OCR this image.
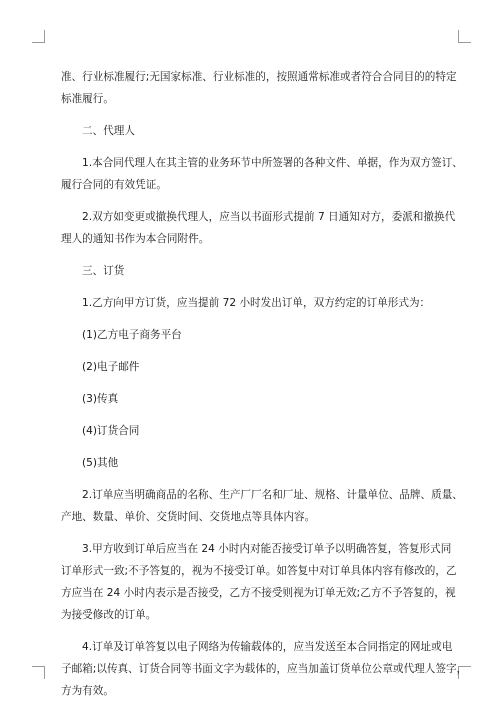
准、行业标准履行;无国家标准、行业标准的，按照通常标准或者符合合同目的的特定
标准履行。

二、代理人

1.本合同代理人在其主管的业务环节中所签署的各种文件、单据，作为双方签订、
履行合同的有效凭证。

2.双方如变更或撤换代理人，应当以书面形式提前 7 日通知对方，委派和撤换代
理人的通知书作为本合同附件。

三、订货

1.乙方向甲方订货，应当提前 72 小时发出订单，双方约定的订单形式为：

(1)乙方电子商务平台

(2)电子邮件

(3)传真

(4)订货合同

(5)其他

2.订单应当明确商品的名称、生产厂厂名和厂址、规格、计量单位、品牌、质量、
产地、数量、单价、交货时间、交货地点等具体内容。

3.甲方收到订单后应当在 24 小时内对能否接受订单予以明确答复，答复形式同
订单形式一致;不予答复的，视为不接受订单。如答复中对订单具体内容有修改的，乙
方应当在 24 小时内表示是否接受，乙方不接受则视为订单无效;乙方不予答复的，视
为接受修改的订单。

4.订单及订单答复以电子网络为传输载体的，应当发送至本合同指定的网址或电
子邮箱;以传真、订货合同等书面文字为载体的，应当加盖订货单位公章或代理人签字，
方为有效。
